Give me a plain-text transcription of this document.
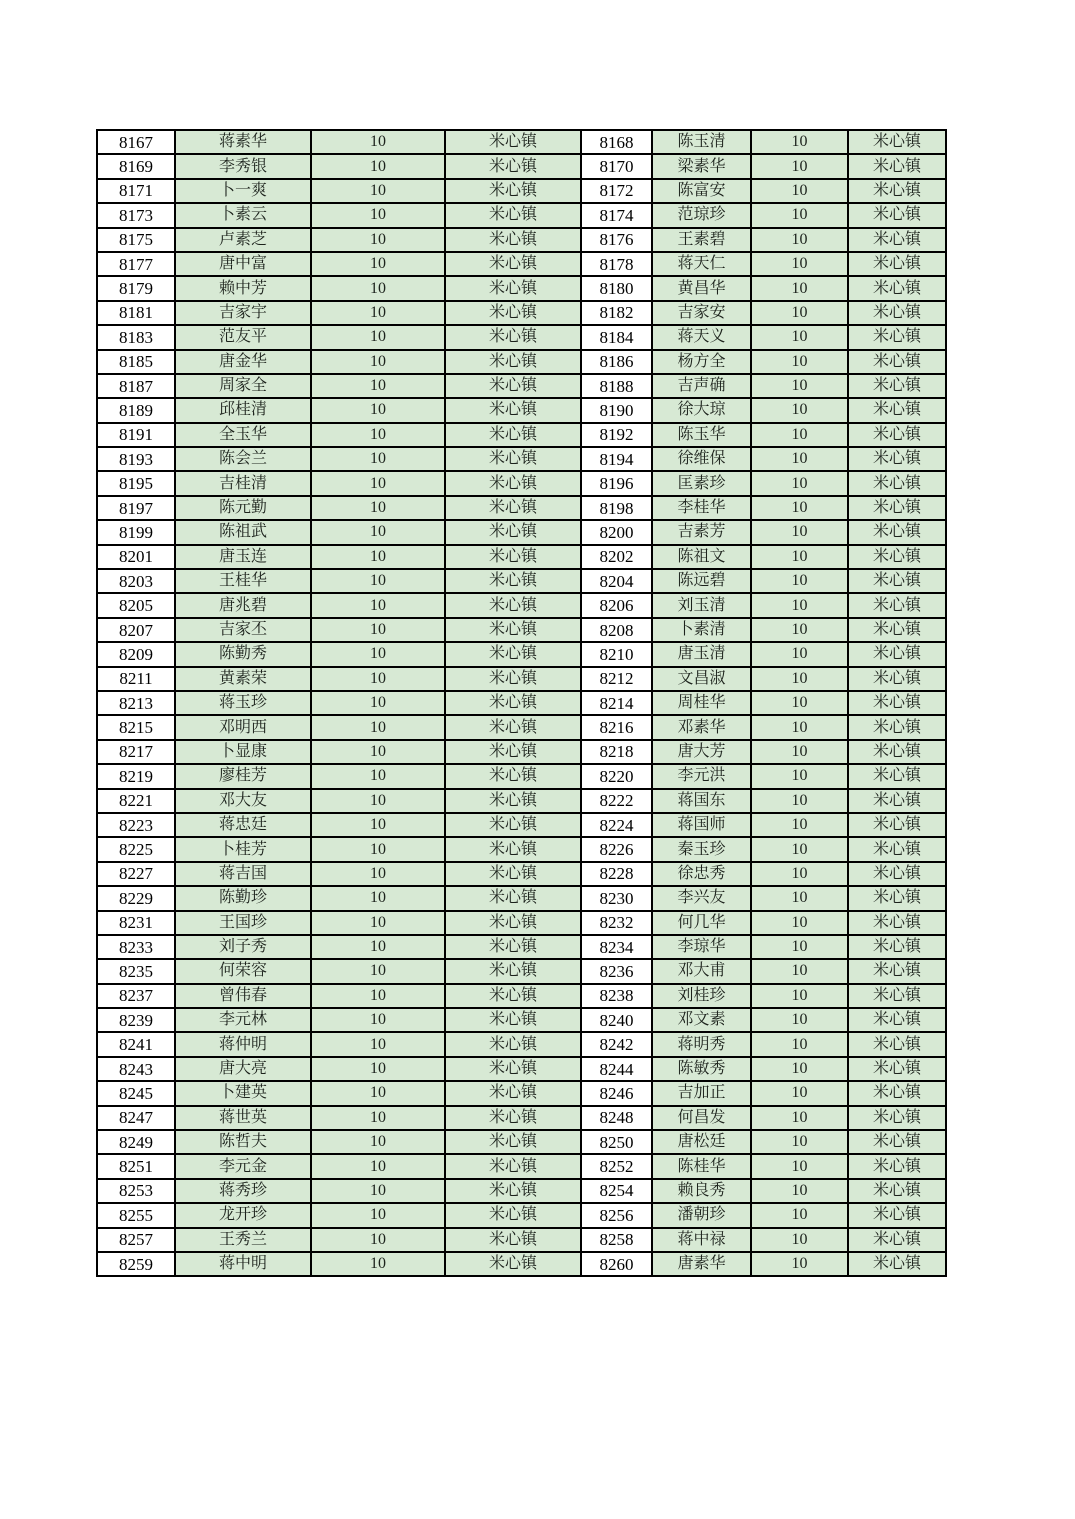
8167	蒋素华	10	米心镇	8168	陈玉清	10	米心镇
8169	李秀银	10	米心镇	8170	梁素华	10	米心镇
8171	卜一爽	10	米心镇	8172	陈富安	10	米心镇
8173	卜素云	10	米心镇	8174	范琼珍	10	米心镇
8175	卢素芝	10	米心镇	8176	王素碧	10	米心镇
8177	唐中富	10	米心镇	8178	蒋天仁	10	米心镇
8179	赖中芳	10	米心镇	8180	黄昌华	10	米心镇
8181	吉家宇	10	米心镇	8182	吉家安	10	米心镇
8183	范友平	10	米心镇	8184	蒋天义	10	米心镇
8185	唐金华	10	米心镇	8186	杨方全	10	米心镇
8187	周家全	10	米心镇	8188	吉声确	10	米心镇
8189	邱桂清	10	米心镇	8190	徐大琼	10	米心镇
8191	全玉华	10	米心镇	8192	陈玉华	10	米心镇
8193	陈会兰	10	米心镇	8194	徐维保	10	米心镇
8195	吉桂清	10	米心镇	8196	匡素珍	10	米心镇
8197	陈元勤	10	米心镇	8198	李桂华	10	米心镇
8199	陈祖武	10	米心镇	8200	吉素芳	10	米心镇
8201	唐玉连	10	米心镇	8202	陈祖文	10	米心镇
8203	王桂华	10	米心镇	8204	陈远碧	10	米心镇
8205	唐兆碧	10	米心镇	8206	刘玉清	10	米心镇
8207	吉家丕	10	米心镇	8208	卜素清	10	米心镇
8209	陈勤秀	10	米心镇	8210	唐玉清	10	米心镇
8211	黄素荣	10	米心镇	8212	文昌淑	10	米心镇
8213	蒋玉珍	10	米心镇	8214	周桂华	10	米心镇
8215	邓明西	10	米心镇	8216	邓素华	10	米心镇
8217	卜显康	10	米心镇	8218	唐大芳	10	米心镇
8219	廖桂芳	10	米心镇	8220	李元洪	10	米心镇
8221	邓大友	10	米心镇	8222	蒋国东	10	米心镇
8223	蒋忠廷	10	米心镇	8224	蒋国师	10	米心镇
8225	卜桂芳	10	米心镇	8226	秦玉珍	10	米心镇
8227	蒋吉国	10	米心镇	8228	徐忠秀	10	米心镇
8229	陈勤珍	10	米心镇	8230	李兴友	10	米心镇
8231	王国珍	10	米心镇	8232	何几华	10	米心镇
8233	刘子秀	10	米心镇	8234	李琼华	10	米心镇
8235	何荣容	10	米心镇	8236	邓大甫	10	米心镇
8237	曾伟春	10	米心镇	8238	刘桂珍	10	米心镇
8239	李元林	10	米心镇	8240	邓文素	10	米心镇
8241	蒋仲明	10	米心镇	8242	蒋明秀	10	米心镇
8243	唐大亮	10	米心镇	8244	陈敏秀	10	米心镇
8245	卜建英	10	米心镇	8246	吉加正	10	米心镇
8247	蒋世英	10	米心镇	8248	何昌发	10	米心镇
8249	陈哲夫	10	米心镇	8250	唐松廷	10	米心镇
8251	李元金	10	米心镇	8252	陈桂华	10	米心镇
8253	蒋秀珍	10	米心镇	8254	赖良秀	10	米心镇
8255	龙开珍	10	米心镇	8256	潘朝珍	10	米心镇
8257	王秀兰	10	米心镇	8258	蒋中禄	10	米心镇
8259	蒋中明	10	米心镇	8260	唐素华	10	米心镇
